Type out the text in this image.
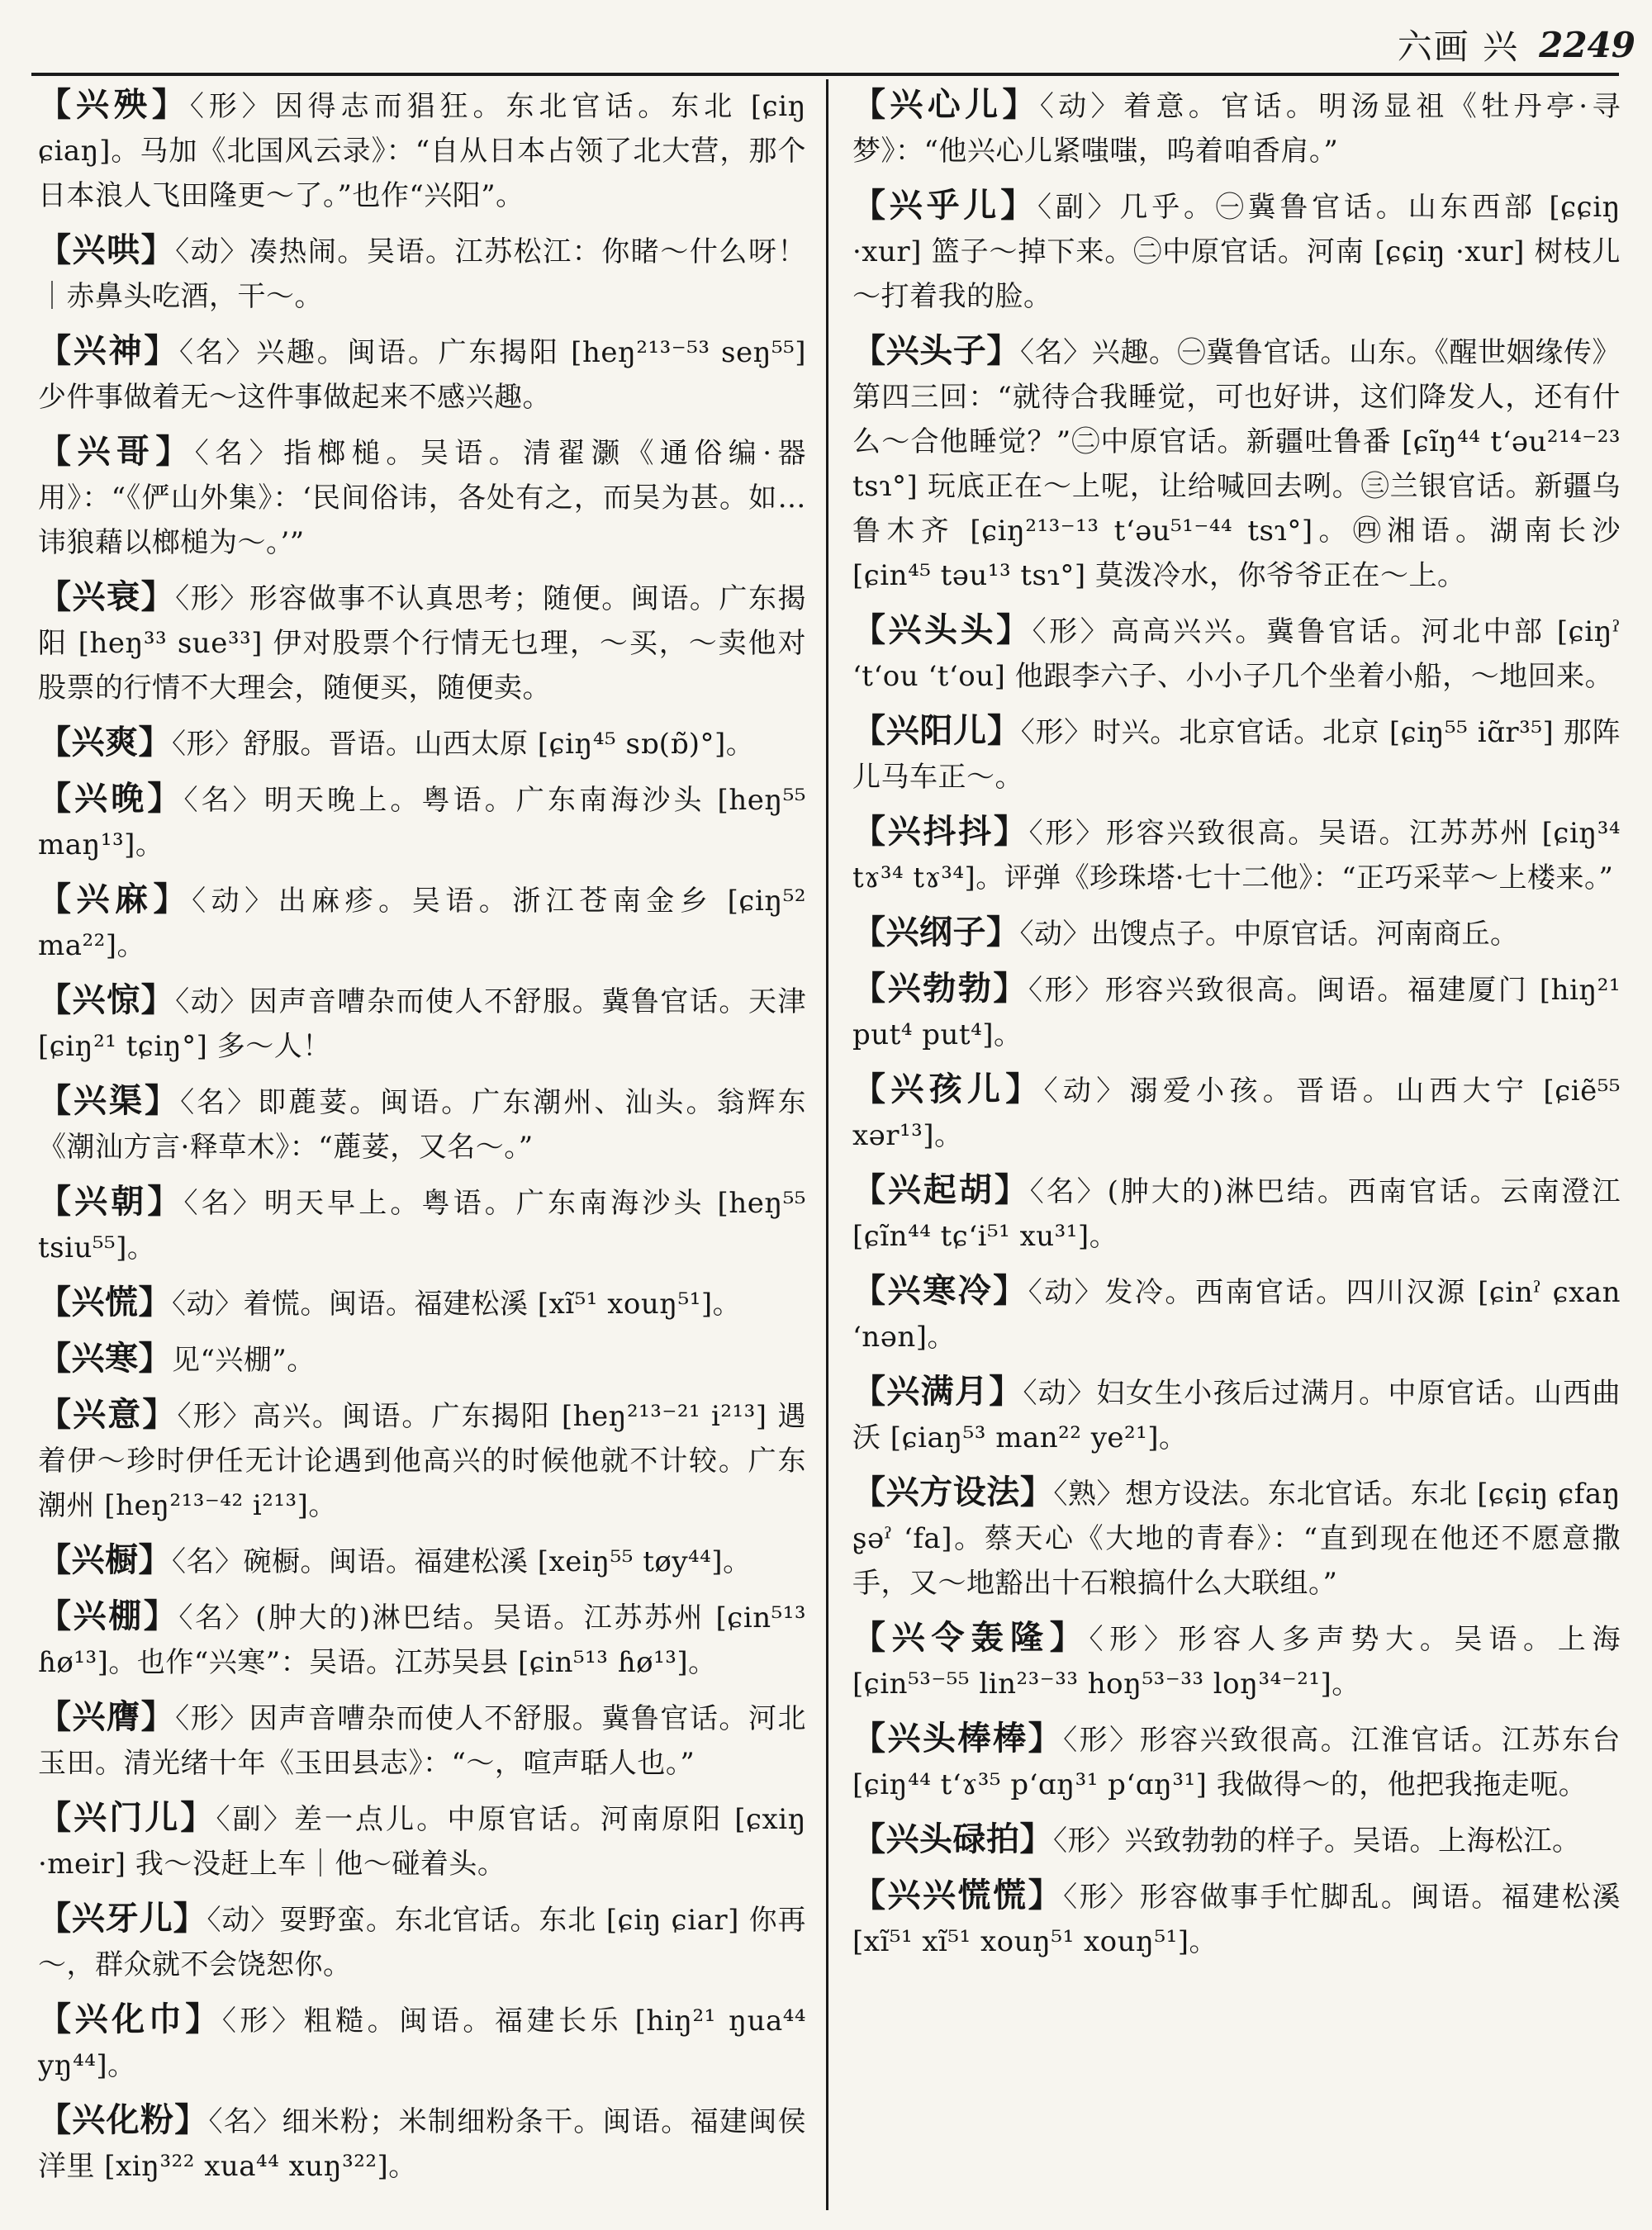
六画 兴 2249

【兴殃】〈形〉因得志而猖狂。东北官话。东北 [ɕiŋ ɕiaŋ]。马加《北国风云录》：“自从日本占领了北大营，那个日本浪人飞田隆更～了。”也作“兴阳”。

【兴哄】〈动〉凑热闹。吴语。江苏松江：你睹～什么呀！｜赤鼻头吃酒，干～。

【兴神】〈名〉兴趣。闽语。广东揭阳 [heŋ²¹³⁻⁵³ seŋ⁵⁵] 少件事做着无～这件事做起来不感兴趣。

【兴哥】〈名〉指榔槌。吴语。清翟灏《通俗编·器用》：“《俨山外集》：‘民间俗讳，各处有之，而吴为甚。如…讳狼藉以榔槌为～。’”

【兴衰】〈形〉形容做事不认真思考；随便。闽语。广东揭阳 [heŋ³³ sue³³] 伊对股票个行情无乜理，～买，～卖他对股票的行情不大理会，随便买，随便卖。

【兴爽】〈形〉舒服。晋语。山西太原 [ɕiŋ⁴⁵ sɒ(ɒ̃)°]。

【兴晚】〈名〉明天晚上。粤语。广东南海沙头 [heŋ⁵⁵ maŋ¹³]。

【兴麻】〈动〉出麻疹。吴语。浙江苍南金乡 [ɕiŋ⁵² ma²²]。

【兴惊】〈动〉因声音嘈杂而使人不舒服。冀鲁官话。天津 [ɕiŋ²¹ tɕiŋ°] 多～人！

【兴渠】〈名〉即蔍荽。闽语。广东潮州、汕头。翁辉东《潮汕方言·释草木》：“蔍荽，又名～。”

【兴朝】〈名〉明天早上。粤语。广东南海沙头 [heŋ⁵⁵ tsiu⁵⁵]。

【兴慌】〈动〉着慌。闽语。福建松溪 [xĩ⁵¹ xouŋ⁵¹]。

【兴寒】见“兴棚”。

【兴意】〈形〉高兴。闽语。广东揭阳 [heŋ²¹³⁻²¹ i²¹³] 遇着伊～珍时伊任无计论遇到他高兴的时候他就不计较。广东潮州 [heŋ²¹³⁻⁴² i²¹³]。

【兴橱】〈名〉碗橱。闽语。福建松溪 [xeiŋ⁵⁵ tøy⁴⁴]。

【兴棚】〈名〉(肿大的)淋巴结。吴语。江苏苏州 [ɕin⁵¹³ ɦø¹³]。也作“兴寒”：吴语。江苏吴县 [ɕin⁵¹³ ɦø¹³]。

【兴膺】〈形〉因声音嘈杂而使人不舒服。冀鲁官话。河北玉田。清光绪十年《玉田县志》：“～，喧声聒人也。”

【兴门儿】〈副〉差一点儿。中原官话。河南原阳 [ɕxiŋ ·meir] 我～没赶上车｜他～碰着头。

【兴牙儿】〈动〉耍野蛮。东北官话。东北 [ɕiŋ ɕiar] 你再～，群众就不会饶恕你。

【兴化巾】〈形〉粗糙。闽语。福建长乐 [hiŋ²¹ ŋua⁴⁴ yŋ⁴⁴]。

【兴化粉】〈名〉细米粉；米制细粉条干。闽语。福建闽侯洋里 [xiŋ³²² xua⁴⁴ xuŋ³²²]。

【兴心儿】〈动〉着意。官话。明汤显祖《牡丹亭·寻梦》：“他兴心儿紧嗤嗤，呜着咱香肩。”

【兴乎儿】〈副〉几乎。㊀冀鲁官话。山东西部 [ɕɕiŋ ·xur] 篮子～掉下来。㊁中原官话。河南 [ɕɕiŋ ·xur] 树枝儿～打着我的脸。

【兴头子】〈名〉兴趣。㊀冀鲁官话。山东。《醒世姻缘传》第四三回：“就待合我睡觉，可也好讲，这们降发人，还有什么～合他睡觉？”㊁中原官话。新疆吐鲁番 [ɕĩŋ⁴⁴ tʻəu²¹⁴⁻²³ tsɿ°] 玩底正在～上呢，让给喊回去咧。㊂兰银官话。新疆乌鲁木齐 [ɕiŋ²¹³⁻¹³ tʻəu⁵¹⁻⁴⁴ tsɿ°]。㊃湘语。湖南长沙 [ɕin⁴⁵ təu¹³ tsɿ°] 莫泼冷水，你爷爷正在～上。

【兴头头】〈形〉高高兴兴。冀鲁官话。河北中部 [ɕiŋˀ ʻtʻou ʻtʻou] 他跟李六子、小小子几个坐着小船，～地回来。

【兴阳儿】〈形〉时兴。北京官话。北京 [ɕiŋ⁵⁵ iɑ̃r³⁵] 那阵儿马车正～。

【兴抖抖】〈形〉形容兴致很高。吴语。江苏苏州 [ɕiŋ³⁴ tɤ³⁴ tɤ³⁴]。评弹《珍珠塔·七十二他》：“正巧采苹～上楼来。”

【兴纲子】〈动〉出馊点子。中原官话。河南商丘。

【兴勃勃】〈形〉形容兴致很高。闽语。福建厦门 [hiŋ²¹ put⁴ put⁴]。

【兴孩儿】〈动〉溺爱小孩。晋语。山西大宁 [ɕiẽ⁵⁵ xər¹³]。

【兴起胡】〈名〉(肿大的)淋巴结。西南官话。云南澄江 [ɕĩn⁴⁴ tɕʻi⁵¹ xu³¹]。

【兴寒冷】〈动〉发冷。西南官话。四川汉源 [ɕinˀ ɕxan ʻnən]。

【兴满月】〈动〉妇女生小孩后过满月。中原官话。山西曲沃 [ɕiaŋ⁵³ man²² ye²¹]。

【兴方设法】〈熟〉想方设法。东北官话。东北 [ɕɕiŋ ɕfaŋ ʂəˀ ʻfa]。蔡天心《大地的青春》：“直到现在他还不愿意撒手，又～地豁出十石粮搞什么大联组。”

【兴令轰隆】〈形〉形容人多声势大。吴语。上海 [ɕin⁵³⁻⁵⁵ lin²³⁻³³ hoŋ⁵³⁻³³ loŋ³⁴⁻²¹]。

【兴头棒棒】〈形〉形容兴致很高。江淮官话。江苏东台 [ɕiŋ⁴⁴ tʻɤ³⁵ pʻɑŋ³¹ pʻɑŋ³¹] 我做得～的，他把我拖走呃。

【兴头碌拍】〈形〉兴致勃勃的样子。吴语。上海松江。

【兴兴慌慌】〈形〉形容做事手忙脚乱。闽语。福建松溪 [xĩ⁵¹ xĩ⁵¹ xouŋ⁵¹ xouŋ⁵¹]。
